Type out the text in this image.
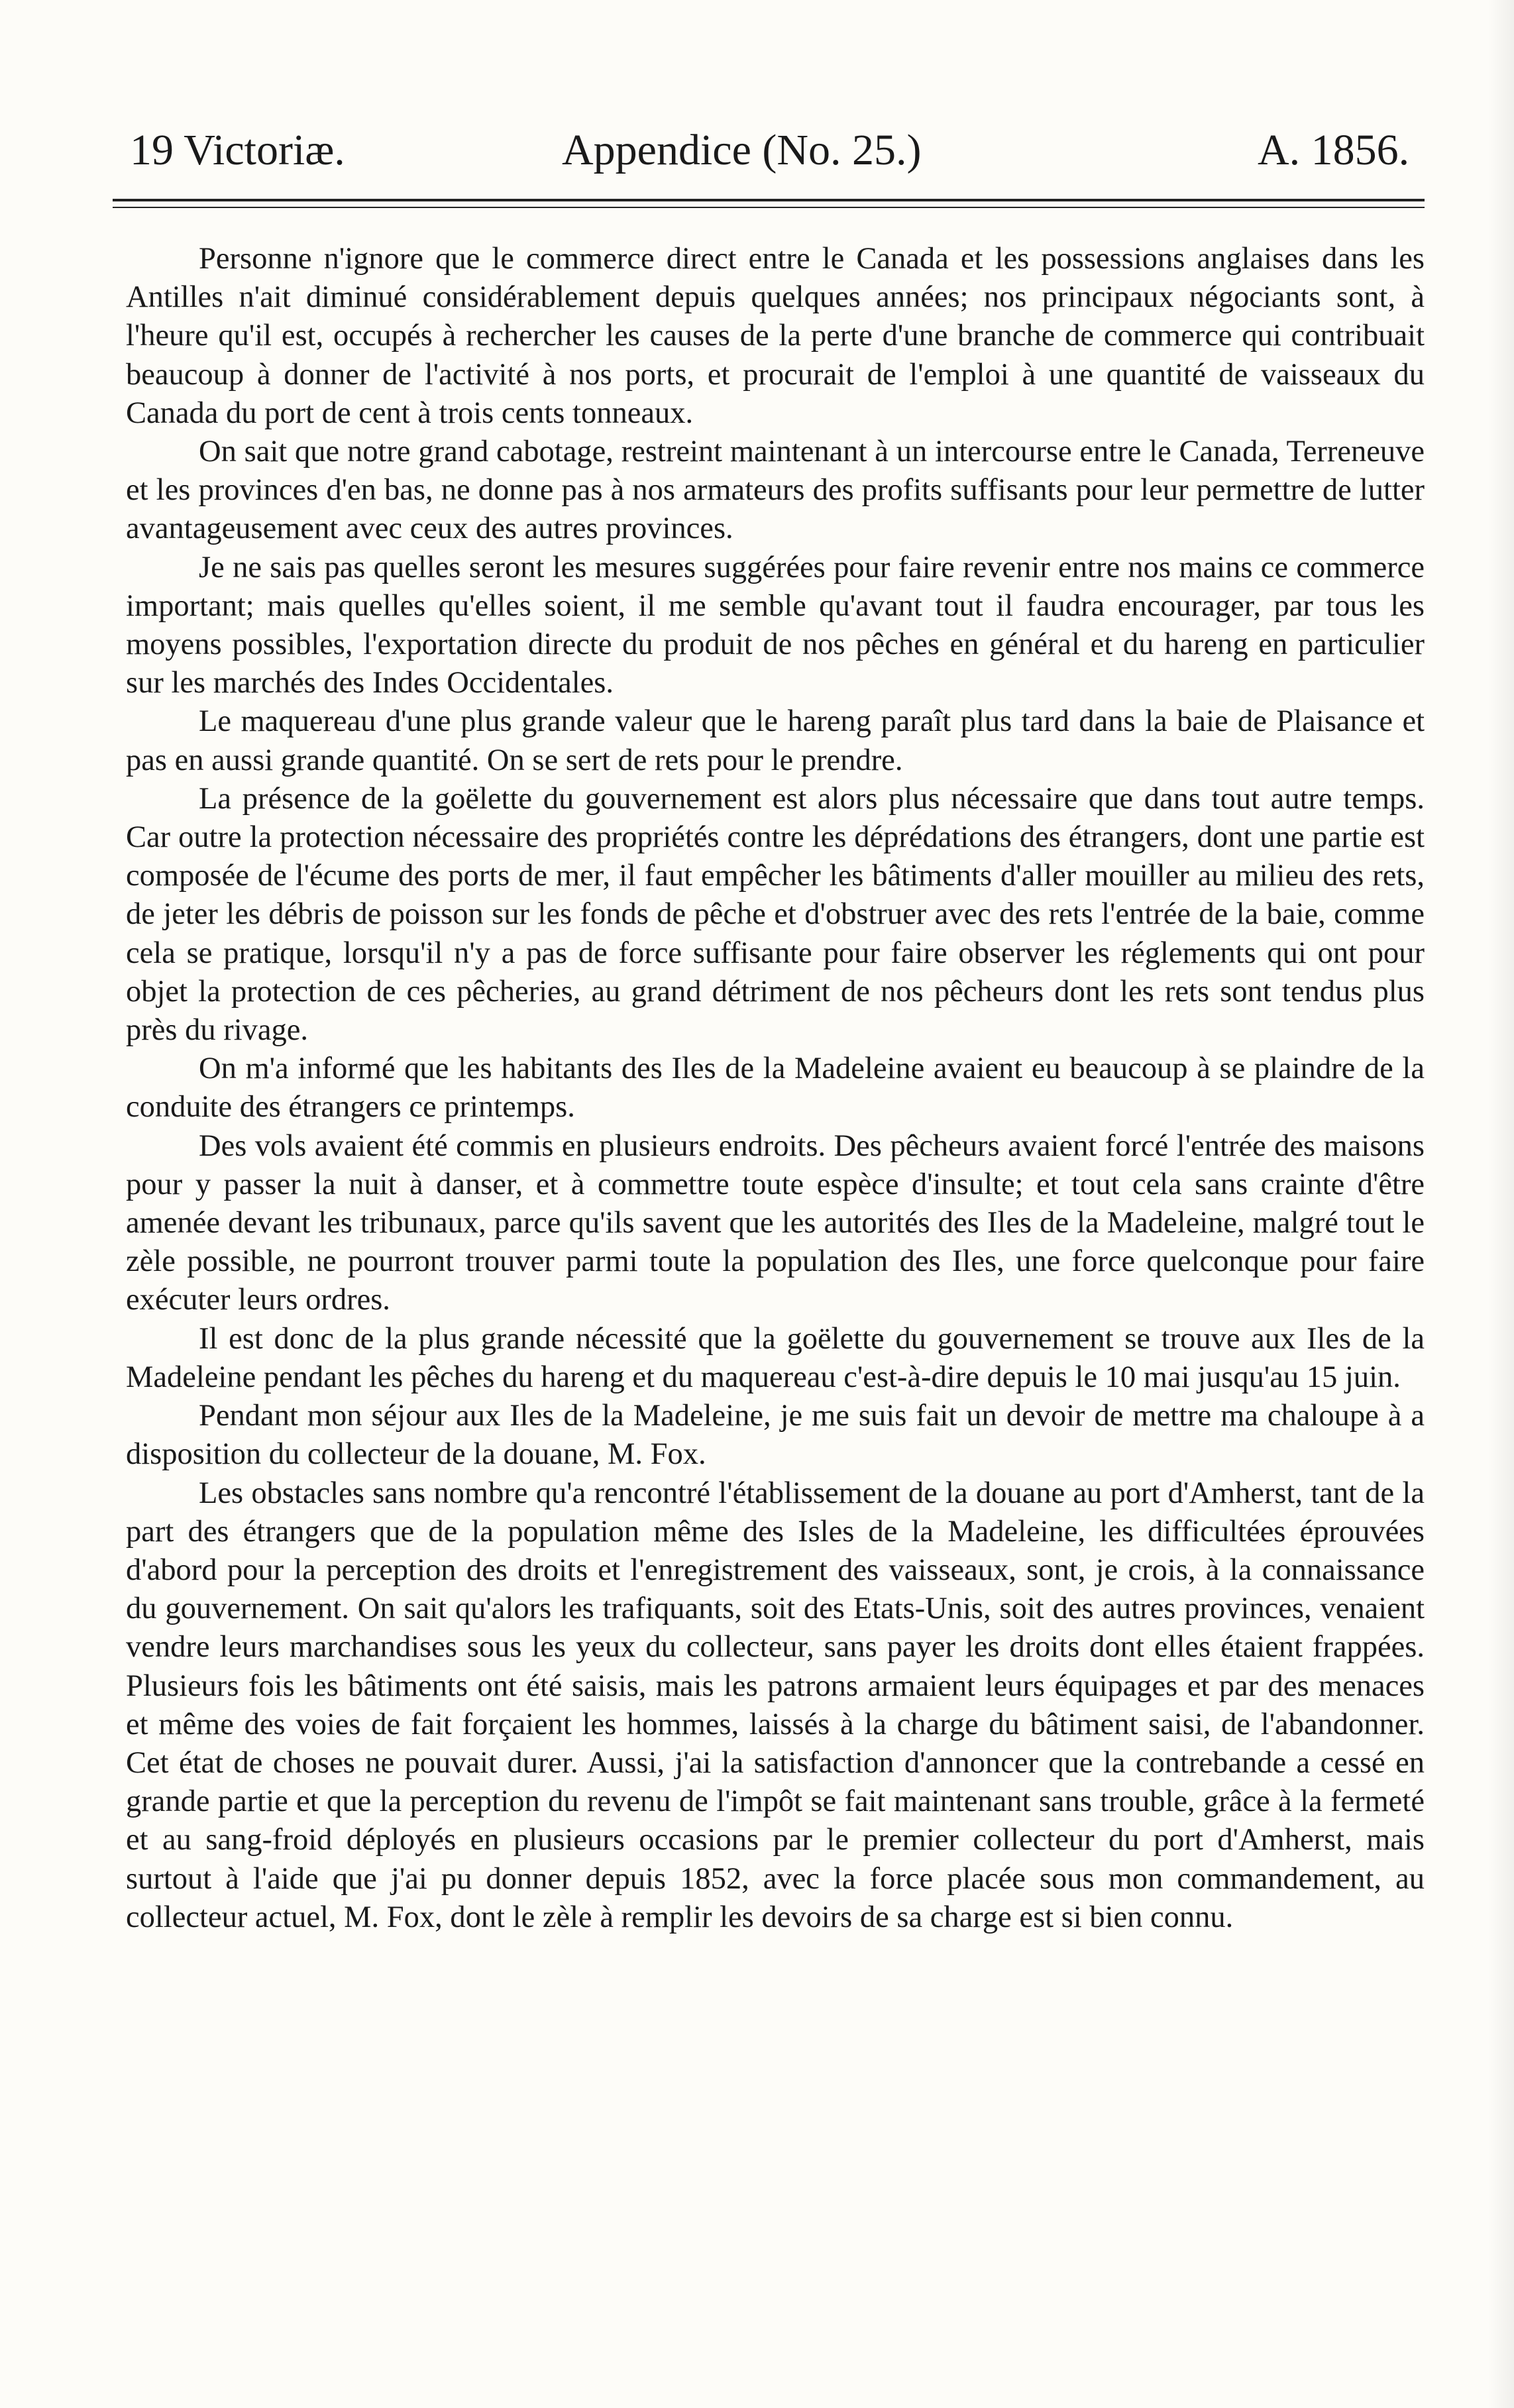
19 Victoriæ.	Appendice (No. 25.)	A. 1856.

Personne n'ignore que le commerce direct entre le Canada et les possessions anglaises dans les Antilles n'ait diminué considérablement depuis quelques années; nos principaux négociants sont, à l'heure qu'il est, occupés à rechercher les causes de la perte d'une branche de commerce qui contribuait beaucoup à donner de l'activité à nos ports, et procurait de l'emploi à une quantité de vaisseaux du Canada du port de cent à trois cents tonneaux.

On sait que notre grand cabotage, restreint maintenant à un intercourse entre le Canada, Terreneuve et les provinces d'en bas, ne donne pas à nos armateurs des profits suffisants pour leur permettre de lutter avantageusement avec ceux des autres provinces.

Je ne sais pas quelles seront les mesures suggérées pour faire revenir entre nos mains ce commerce important; mais quelles qu'elles soient, il me semble qu'avant tout il faudra encourager, par tous les moyens possibles, l'exportation directe du produit de nos pêches en général et du hareng en particulier sur les marchés des Indes Occidentales.

Le maquereau d'une plus grande valeur que le hareng paraît plus tard dans la baie de Plaisance et pas en aussi grande quantité. On se sert de rets pour le prendre.

La présence de la goëlette du gouvernement est alors plus nécessaire que dans tout autre temps. Car outre la protection nécessaire des propriétés contre les déprédations des étrangers, dont une partie est composée de l'écume des ports de mer, il faut empêcher les bâtiments d'aller mouiller au milieu des rets, de jeter les débris de poisson sur les fonds de pêche et d'obstruer avec des rets l'entrée de la baie, comme cela se pratique, lorsqu'il n'y a pas de force suffisante pour faire observer les réglements qui ont pour objet la protection de ces pêcheries, au grand détriment de nos pêcheurs dont les rets sont tendus plus près du rivage.

On m'a informé que les habitants des Iles de la Madeleine avaient eu beaucoup à se plaindre de la conduite des étrangers ce printemps.

Des vols avaient été commis en plusieurs endroits. Des pêcheurs avaient forcé l'entrée des maisons pour y passer la nuit à danser, et à commettre toute espèce d'insulte; et tout cela sans crainte d'être amenée devant les tribunaux, parce qu'ils savent que les autorités des Iles de la Madeleine, malgré tout le zèle possible, ne pourront trouver parmi toute la population des Iles, une force quelconque pour faire exécuter leurs ordres.

Il est donc de la plus grande nécessité que la goëlette du gouvernement se trouve aux Iles de la Madeleine pendant les pêches du hareng et du maquereau c'est-à-dire depuis le 10 mai jusqu'au 15 juin.

Pendant mon séjour aux Iles de la Madeleine, je me suis fait un devoir de mettre ma chaloupe à a disposition du collecteur de la douane, M. Fox.

Les obstacles sans nombre qu'a rencontré l'établissement de la douane au port d'Amherst, tant de la part des étrangers que de la population même des Isles de la Madeleine, les difficultées éprouvées d'abord pour la perception des droits et l'enregistrement des vaisseaux, sont, je crois, à la connaissance du gouvernement. On sait qu'alors les trafiquants, soit des Etats-Unis, soit des autres provinces, venaient vendre leurs marchandises sous les yeux du collecteur, sans payer les droits dont elles étaient frappées. Plusieurs fois les bâtiments ont été saisis, mais les patrons armaient leurs équipages et par des menaces et même des voies de fait forçaient les hommes, laissés à la charge du bâtiment saisi, de l'abandonner. Cet état de choses ne pouvait durer. Aussi, j'ai la satisfaction d'annoncer que la contrebande a cessé en grande partie et que la perception du revenu de l'impôt se fait maintenant sans trouble, grâce à la fermeté et au sang-froid déployés en plusieurs occasions par le premier collecteur du port d'Amherst, mais surtout à l'aide que j'ai pu donner depuis 1852, avec la force placée sous mon commandement, au collecteur actuel, M. Fox, dont le zèle à remplir les devoirs de sa charge est si bien connu.
